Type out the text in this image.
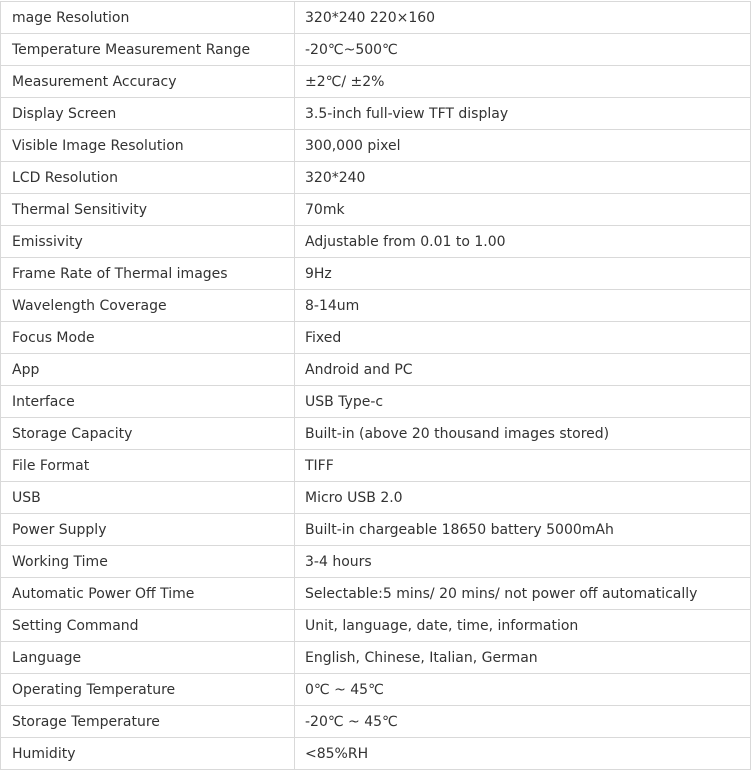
mage Resolution	320*240 220×160
Temperature Measurement Range	-20℃~500℃
Measurement Accuracy	±2℃/ ±2%
Display Screen	3.5-inch full-view TFT display
Visible Image Resolution	300,000 pixel
LCD Resolution	320*240
Thermal Sensitivity	70mk
Emissivity	Adjustable from 0.01 to 1.00
Frame Rate of Thermal images	9Hz
Wavelength Coverage	8-14um
Focus Mode	Fixed
App	Android and PC
Interface	USB Type-c
Storage Capacity	Built-in (above 20 thousand images stored)
File Format	TIFF
USB	Micro USB 2.0
Power Supply	Built-in chargeable 18650 battery 5000mAh
Working Time	3-4 hours
Automatic Power Off Time	Selectable:5 mins/ 20 mins/ not power off automatically
Setting Command	Unit, language, date, time, information
Language	English, Chinese, Italian, German
Operating Temperature	0℃ ~ 45℃
Storage Temperature	-20℃ ~ 45℃
Humidity	<85%RH
